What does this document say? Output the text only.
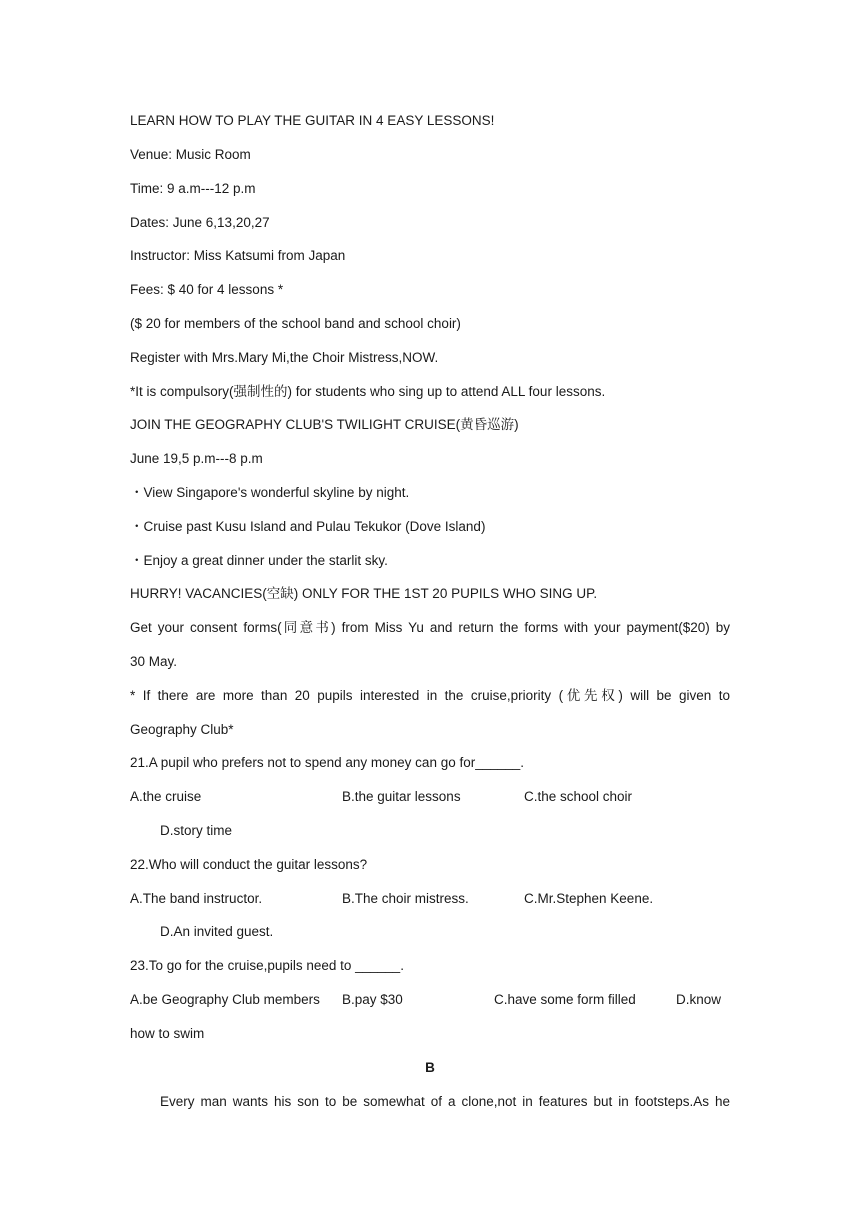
LEARN HOW TO PLAY THE GUITAR IN 4 EASY LESSONS!
Venue: Music Room
Time: 9 a.m---12 p.m
Dates: June 6,13,20,27
Instructor: Miss Katsumi from Japan
Fees: $ 40 for 4 lessons *
($ 20 for members of the school band and school choir)
Register with Mrs.Mary Mi,the Choir Mistress,NOW.
*It is compulsory(强制性的) for students who sing up to attend ALL four lessons.
JOIN THE GEOGRAPHY CLUB'S TWILIGHT CRUISE(黄昏巡游)
June 19,5 p.m---8 p.m
・View Singapore's wonderful skyline by night.
・Cruise past Kusu Island and Pulau Tekukor (Dove Island)
・Enjoy a great dinner under the starlit sky.
HURRY! VACANCIES(空缺) ONLY FOR THE 1ST 20 PUPILS WHO SING UP.
Get your consent forms(同意书) from Miss Yu and return the forms with your payment($20) by
30 May.
* If there are more than 20 pupils interested in the cruise,priority (优先权) will be given to
Geography Club*
21.A pupil who prefers not to spend any money can go for______.
A.the cruise	B.the guitar lessons	C.the school choir
D.story time
22.Who will conduct the guitar lessons?
A.The band instructor.	B.The choir mistress.	C.Mr.Stephen Keene.
D.An invited guest.
23.To go for the cruise,pupils need to ______.
A.be Geography Club members B.pay $30	C.have some form filled	D.know
how to swim
B
Every man wants his son to be somewhat of a clone,not in features but in footsteps.As he
